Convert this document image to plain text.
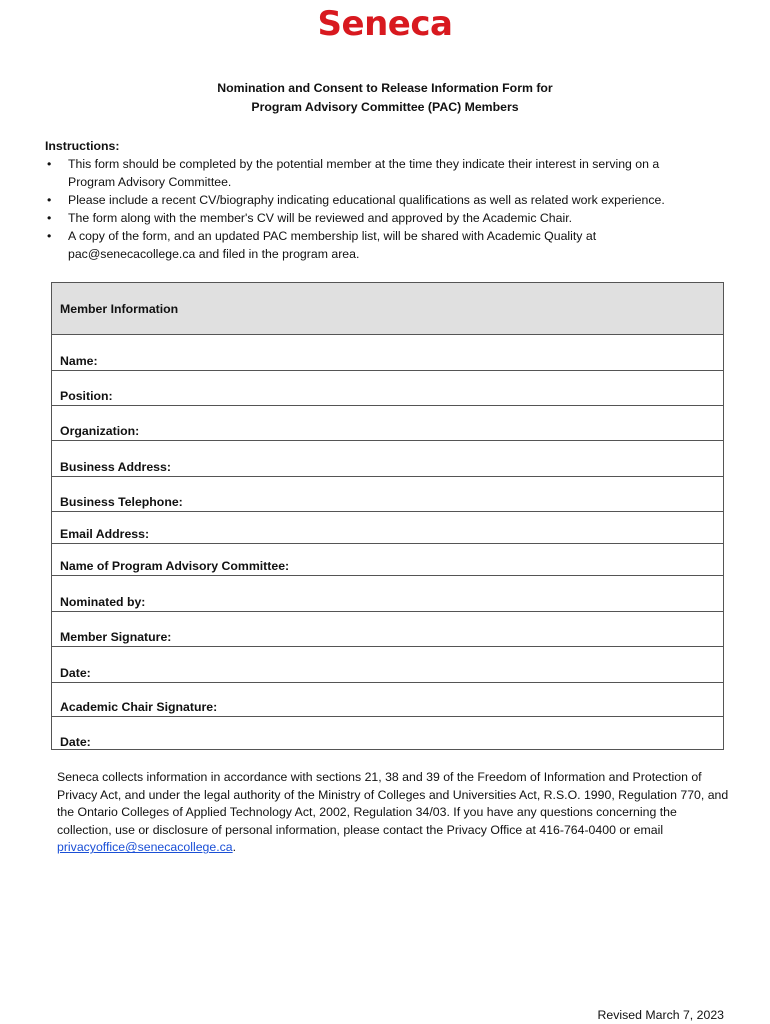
Seneca
Nomination and Consent to Release Information Form for
Program Advisory Committee (PAC) Members
Instructions:
• This form should be completed by the potential member at the time they indicate their interest in serving on a
Program Advisory Committee.
• Please include a recent CV/biography indicating educational qualifications as well as related work experience.
• The form along with the member's CV will be reviewed and approved by the Academic Chair.
• A copy of the form, and an updated PAC membership list, will be shared with Academic Quality at
pac@senecacollege.ca and filed in the program area.
Member Information
Name:
Position:
Organization:
Business Address:
Business Telephone:
Email Address:
Name of Program Advisory Committee:
Nominated by:
Member Signature:
Date:
Academic Chair Signature:
Date:
Seneca collects information in accordance with sections 21, 38 and 39 of the Freedom of Information and Protection of Privacy Act, and under the legal authority of the Ministry of Colleges and Universities Act, R.S.O. 1990, Regulation 770, and the Ontario Colleges of Applied Technology Act, 2002, Regulation 34/03. If you have any questions concerning the collection, use or disclosure of personal information, please contact the Privacy Office at 416-764-0400 or email privacyoffice@senecacollege.ca.
Revised March 7, 2023
